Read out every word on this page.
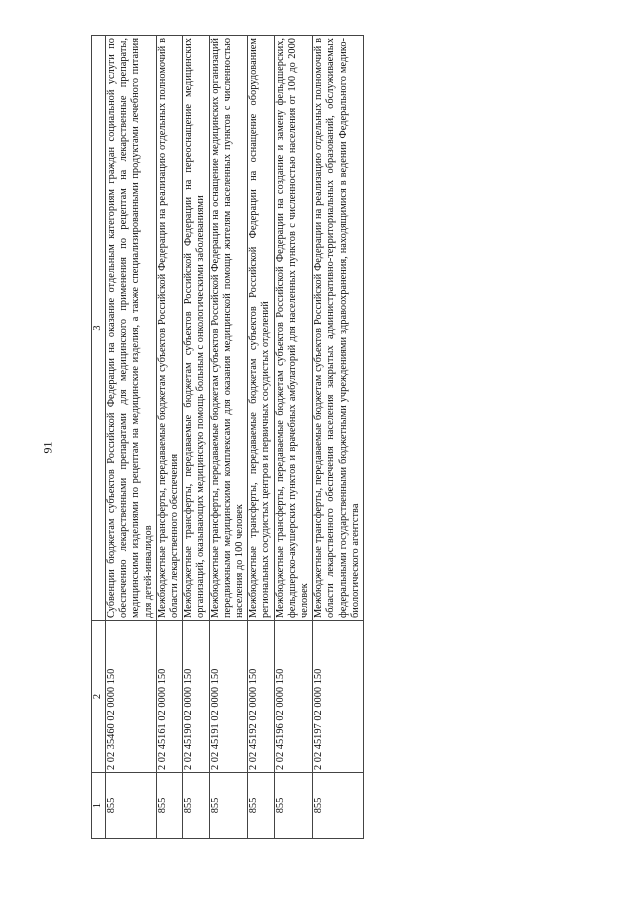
91
1	2	3
855	2 02 35460 02 0000 150	Субвенции бюджетам субъектов Российской Федерации на оказание отдельным категориям граждан социальной услуги по обеспечению лекарственными препаратами для медицинского применения по рецептам на лекарственные препараты, медицинскими изделиями по рецептам на медицинские изделия, а также специализированными продуктами лечебного питания для детей-инвалидов
855	2 02 45161 02 0000 150	Межбюджетные трансферты, передаваемые бюджетам субъектов Российской Федерации на реализацию отдельных полномочий в области лекарственного обеспечения
855	2 02 45190 02 0000 150	Межбюджетные трансферты, передаваемые бюджетам субъектов Российской Федерации на переоснащение медицинских организаций, оказывающих медицинскую помощь больным с онкологическими заболеваниями
855	2 02 45191 02 0000 150	Межбюджетные трансферты, передаваемые бюджетам субъектов Российской Федерации на оснащение медицинских организаций передвижными медицинскими комплексами для оказания медицинской помощи жителям населенных пунктов с численностью населения до 100 человек
855	2 02 45192 02 0000 150	Межбюджетные трансферты, передаваемые бюджетам субъектов Российской Федерации на оснащение оборудованием региональных сосудистых центров и первичных сосудистых отделений
855	2 02 45196 02 0000 150	Межбюджетные трансферты, передаваемые бюджетам субъектов Российской Федерации на создание и замену фельдшерских, фельдшерско-акушерских пунктов и врачебных амбулаторий для населенных пунктов с численностью населения от 100 до 2000 человек
855	2 02 45197 02 0000 150	Межбюджетные трансферты, передаваемые бюджетам субъектов Российской Федерации на реализацию отдельных полномочий в области лекарственного обеспечения населения закрытых административно-территориальных образований, обслуживаемых федеральными государственными бюджетными учреждениями здравоохранения, находящимися в ведении Федерального медико-биологического агентства
